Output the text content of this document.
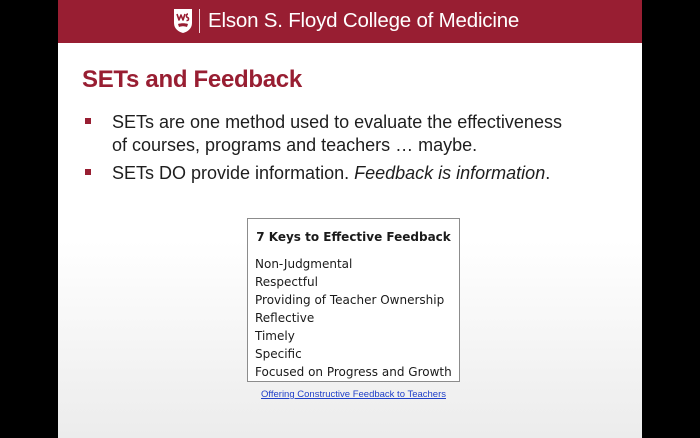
Elson S. Floyd College of Medicine
SETs and Feedback
SETs are one method used to evaluate the effectiveness
of courses, programs and teachers … maybe.
SETs DO provide information. Feedback is information.
7 Keys to Effective Feedback
Non-Judgmental
Respectful
Providing of Teacher Ownership
Reflective
Timely
Specific
Focused on Progress and Growth
Offering Constructive Feedback to Teachers
